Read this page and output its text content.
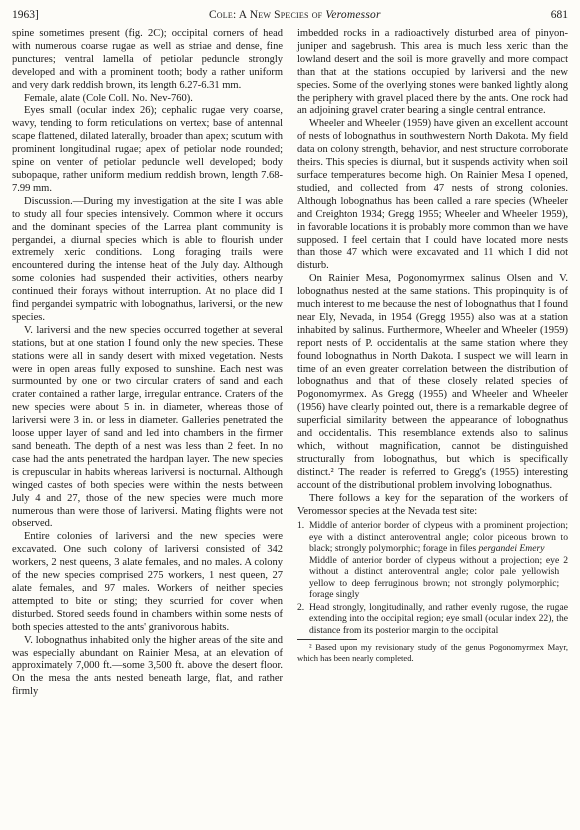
1963]	Cole: A New Species of Veromessor	681

spine sometimes present (fig. 2C); occipital corners of head with numerous coarse rugae as well as striae and dense, fine punctures; ventral lamella of petiolar peduncle strongly developed and with a prominent tooth; body a rather uniform and very dark reddish brown, its length 6.27-6.31 mm.

Female, alate (Cole Coll. No. Nev-760).

Eyes small (ocular index 26); cephalic rugae very coarse, wavy, tending to form reticulations on vertex; base of antennal scape flattened, dilated laterally, broader than apex; scutum with prominent longitudinal rugae; apex of petiolar node rounded; spine on venter of petiolar peduncle well developed; body subopaque, rather uniform medium reddish brown, length 7.68-7.99 mm.

Discussion.—During my investigation at the site I was able to study all four species intensively. Common where it occurs and the dominant species of the Larrea plant community is pergandei, a diurnal species which is able to flourish under extremely xeric conditions. Long foraging trails were encountered during the intense heat of the July day. Although some colonies had suspended their activities, others nearby continued their forays without interruption. At no place did I find pergandei sympatric with lobognathus, lariversi, or the new species.

V. lariversi and the new species occurred together at several stations, but at one station I found only the new species. These stations were all in sandy desert with mixed vegetation. Nests were in open areas fully exposed to sunshine. Each nest was surmounted by one or two circular craters of sand and each crater contained a rather large, irregular entrance. Craters of the new species were about 5 in. in diameter, whereas those of lariversi were 3 in. or less in diameter. Galleries penetrated the loose upper layer of sand and led into chambers in the firmer sand beneath. The depth of a nest was less than 2 feet. In no case had the ants penetrated the hardpan layer. The new species is crepuscular in habits whereas lariversi is nocturnal. Although winged castes of both species were within the nests between July 4 and 27, those of the new species were much more numerous than were those of lariversi. Mating flights were not observed.

Entire colonies of lariversi and the new species were excavated. One such colony of lariversi consisted of 342 workers, 2 nest queens, 3 alate females, and no males. A colony of the new species comprised 275 workers, 1 nest queen, 27 alate females, and 97 males. Workers of neither species attempted to bite or sting; they scurried for cover when disturbed. Stored seeds found in chambers within some nests of both species attested to the ants' granivorous habits.

V. lobognathus inhabited only the higher areas of the site and was especially abundant on Rainier Mesa, at an elevation of approximately 7,000 ft.—some 3,500 ft. above the desert floor. On the mesa the ants nested beneath large, flat, and rather firmly

imbedded rocks in a radioactively disturbed area of pinyon-juniper and sagebrush. This area is much less xeric than the lowland desert and the soil is more gravelly and more compact than that at the stations occupied by lariversi and the new species. Some of the overlying stones were banked lightly along the periphery with gravel placed there by the ants. One rock had an adjoining gravel crater bearing a single central entrance.

Wheeler and Wheeler (1959) have given an excellent account of nests of lobognathus in southwestern North Dakota. My field data on colony strength, behavior, and nest structure corroborate theirs. This species is diurnal, but it suspends activity when soil surface temperatures become high. On Rainier Mesa I opened, studied, and collected from 47 nests of strong colonies. Although lobognathus has been called a rare species (Wheeler and Creighton 1934; Gregg 1955; Wheeler and Wheeler 1959), in favorable locations it is probably more common than we have supposed. I feel certain that I could have located more nests than those 47 which were excavated and 11 which I did not disturb.

On Rainier Mesa, Pogonomyrmex salinus Olsen and V. lobognathus nested at the same stations. This propinquity is of much interest to me because the nest of lobognathus that I found near Ely, Nevada, in 1954 (Gregg 1955) also was at a station inhabited by salinus. Furthermore, Wheeler and Wheeler (1959) report nests of P. occidentalis at the same station where they found lobognathus in North Dakota. I suspect we will learn in time of an even greater correlation between the distribution of lobognathus and that of these closely related species of Pogonomyrmex. As Gregg (1955) and Wheeler and Wheeler (1956) have clearly pointed out, there is a remarkable degree of superficial similarity between the appearance of lobognathus and occidentalis. This resemblance extends also to salinus which, without magnification, cannot be distinguished structurally from lobognathus, but which is specifically distinct.² The reader is referred to Gregg's (1955) interesting account of the distributional problem involving lobognathus.

There follows a key for the separation of the workers of Veromessor species at the Nevada test site:

1. Middle of anterior border of clypeus with a prominent projection; eye with a distinct anteroventral angle; color piceous brown to black; strongly polymorphic; forage in files pergandei Emery
Middle of anterior border of clypeus without a projection; eye without a distinct anteroventral angle; color pale yellowish yellow to deep ferruginous brown; not strongly polymorphic; forage singly
2
2. Head strongly, longitudinally, and rather evenly rugose, the rugae extending into the occipital region; eye small (ocular index 22), the distance from its posterior margin to the occipital

² Based upon my revisionary study of the genus Pogonomyrmex Mayr, which has been nearly completed.
